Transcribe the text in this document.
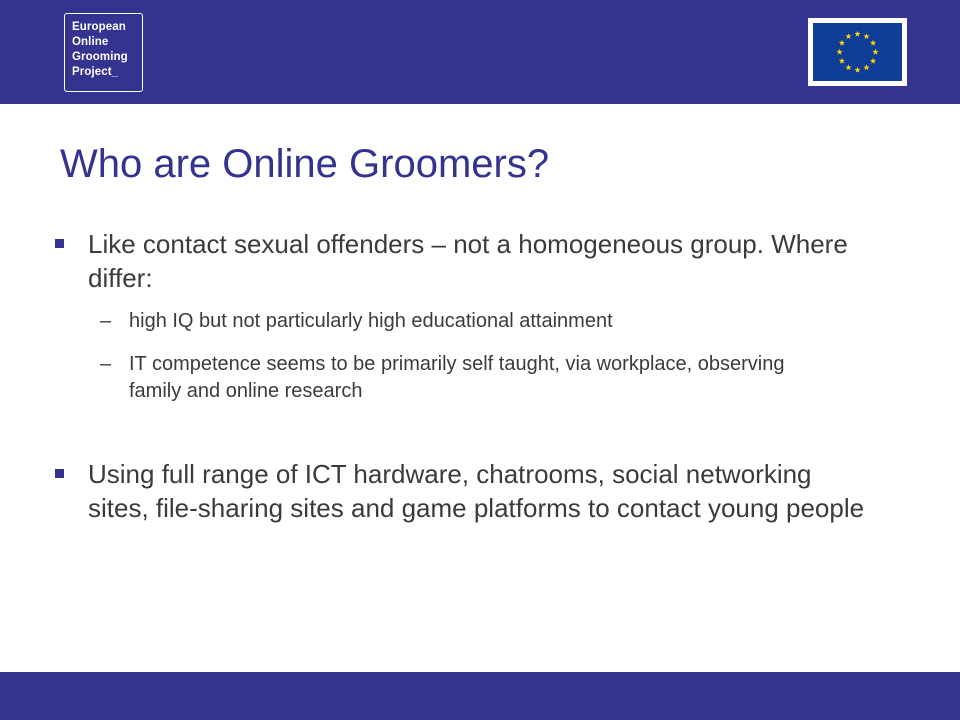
European
Online
Grooming
Project_
Who are Online Groomers?
Like contact sexual offenders – not a homogeneous group. Where differ:
– high IQ but not particularly high educational attainment
– IT competence seems to be primarily self taught, via workplace, observing family and online research
Using full range of ICT hardware, chatrooms, social networking sites, file-sharing sites and game platforms to contact young people
